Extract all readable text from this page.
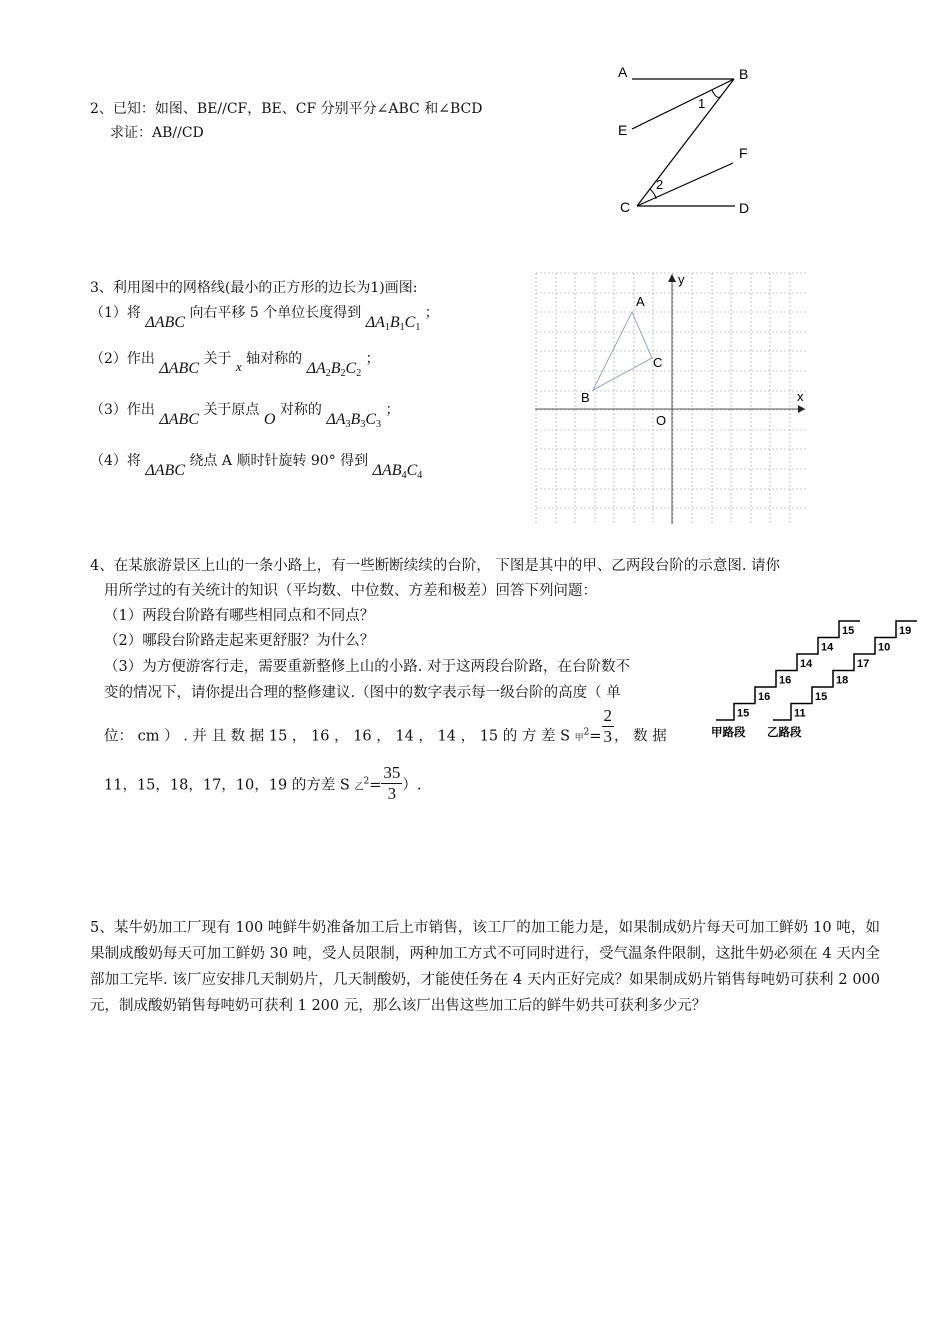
2、已知：如图、BE//CF，BE、CF 分别平分∠ABC 和∠BCD
求证：AB//CD
A	B
E
F
C	D
1
2
3、利用图中的网格线(最小的正方形的边长为1)画图:
（1）将 ΔABC 向右平移 5 个单位长度得到 $\Delta A_1B_1C_1$ ；
（2）作出 ΔABC 关于 x 轴对称的 $\Delta A_2B_2C_2$ ；
（3）作出 ΔABC 关于原点 O 对称的 $\Delta A_3B_3C_3$ ；
（4）将 ΔABC 绕点 A 顺时针旋转 90° 得到 $\Delta AB_4C_4$
y
x
O
A
B
C
4、在某旅游景区上山的一条小路上，有一些断断续续的台阶， 下图是其中的甲、乙两段台阶的示意图. 请你
用所学过的有关统计的知识（平均数、中位数、方差和极差）回答下列问题：
（1）两段台阶路有哪些相同点和不同点？
（2）哪段台阶路走起来更舒服？为什么？
（3）为方便游客行走，需要重新整修上山的小路. 对于这两段台阶路，在台阶数不
变的情况下，请你提出合理的整修建议.（图中的数字表示每一级台阶的高度（ 单
位： cm ） . 并 且 数 据 15 ， 16 ， 16 ， 14 ， 14 ， 15 的 方 差 S 甲$^2= \frac{2}{3}$ ， 数 据
11，15，18，17，10，19 的方差 S 乙$^2= \frac{35}{3}$ ）.
15
16
16
14
14
15
11
15
18
17
10
19
甲路段 乙路段
5、某牛奶加工厂现有 100 吨鲜牛奶准备加工后上市销售，该工厂的加工能力是，如果制成奶片每天可加工鲜奶 10 吨，如果制成酸奶每天可加工鲜奶 30 吨，受人员限制，两种加工方式不可同时进行，受气温条件限制，这批牛奶必须在 4 天内全部加工完毕. 该厂应安排几天制奶片，几天制酸奶，才能使任务在 4 天内正好完成？如果制成奶片销售每吨奶可获利 2 000 元，制成酸奶销售每吨奶可获利 1 200 元，那么该厂出售这些加工后的鲜牛奶共可获利多少元？
